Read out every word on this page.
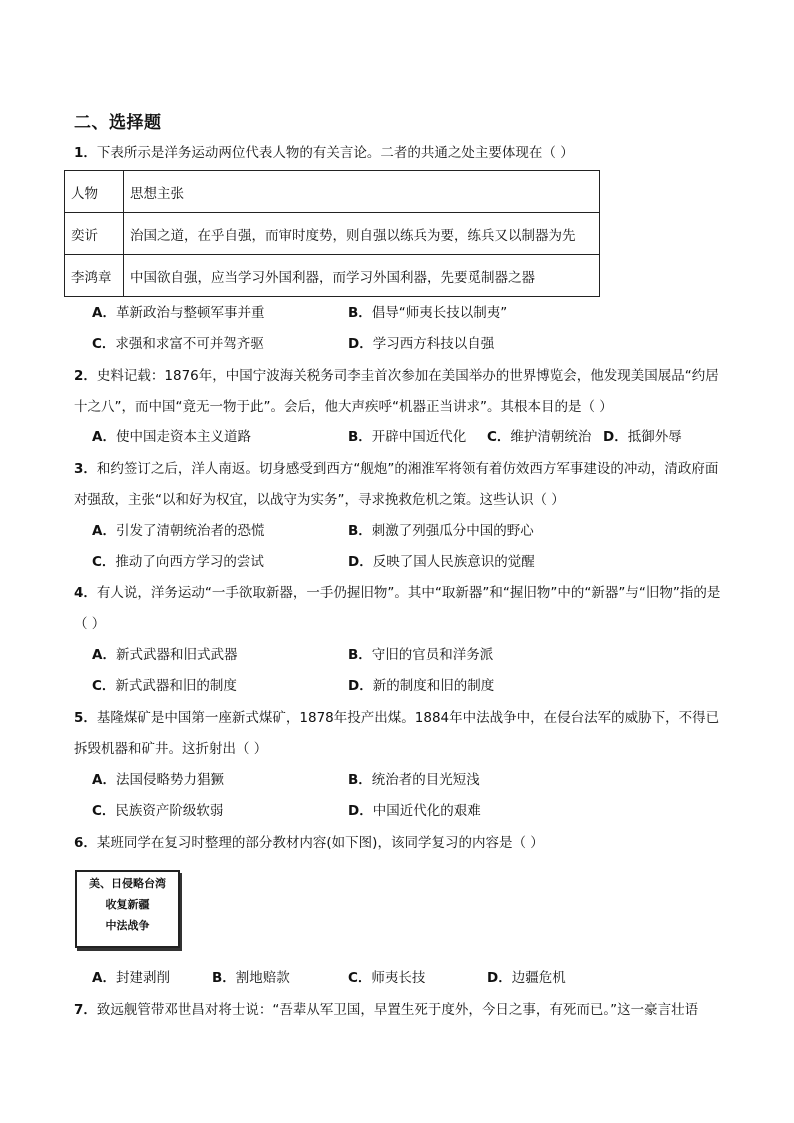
二、选择题
1．下表所示是洋务运动两位代表人物的有关言论。二者的共通之处主要体现在（ ）
人物	思想主张
奕䜣	治国之道，在乎自强，而审时度势，则自强以练兵为要，练兵又以制器为先
李鸿章	中国欲自强，应当学习外国利器，而学习外国利器，先要觅制器之器
A．革新政治与整顿军事并重	B．倡导“师夷长技以制夷”
C．求强和求富不可并驾齐驱	D．学习西方科技以自强
2．史料记载：1876年，中国宁波海关税务司李圭首次参加在美国举办的世界博览会，他发现美国展品“约居十之八”，而中国“竟无一物于此”。会后，他大声疾呼“机器正当讲求”。其根本目的是（ ）
A．使中国走资本主义道路	B．开辟中国近代化 C．维护清朝统治 D．抵御外辱
3．和约签订之后，洋人南返。切身感受到西方“舰炮”的湘淮军将领有着仿效西方军事建设的冲动，清政府面对强敌，主张“以和好为权宜，以战守为实务”，寻求挽救危机之策。这些认识（ ）
A．引发了清朝统治者的恐慌	B．刺激了列强瓜分中国的野心
C．推动了向西方学习的尝试	D．反映了国人民族意识的觉醒
4．有人说，洋务运动“一手欲取新器，一手仍握旧物”。其中“取新器”和“握旧物”中的“新器”与“旧物”指的是（ ）
A．新式武器和旧式武器	B．守旧的官员和洋务派
C．新式武器和旧的制度	D．新的制度和旧的制度
5．基隆煤矿是中国第一座新式煤矿，1878年投产出煤。1884年中法战争中，在侵台法军的威胁下，不得已拆毁机器和矿井。这折射出（ ）
A．法国侵略势力猖獗	B．统治者的目光短浅
C．民族资产阶级软弱	D．中国近代化的艰难
6．某班同学在复习时整理的部分教材内容(如下图)，该同学复习的内容是（ ）
美、日侵略台湾
收复新疆
中法战争
A．封建剥削	B．割地赔款	C．师夷长技	D．边疆危机
7．致远舰管带邓世昌对将士说：“吾辈从军卫国，早置生死于度外，今日之事，有死而已。”这一豪言壮语
